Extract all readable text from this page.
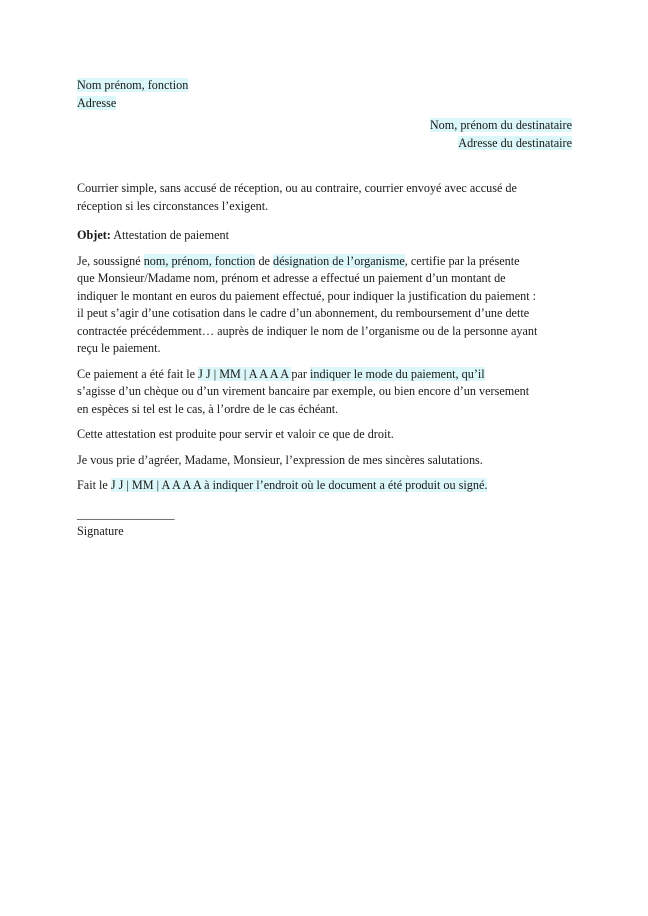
Nom prénom, fonction
Adresse
Nom, prénom du destinataire
Adresse du destinataire
Courrier simple, sans accusé de réception, ou au contraire, courrier envoyé avec accusé de
réception si les circonstances l’exigent.
Objet: Attestation de paiement
Je, soussigné nom, prénom, fonction de désignation de l’organisme, certifie par la présente
que Monsieur/Madame nom, prénom et adresse a effectué un paiement d’un montant de
indiquer le montant en euros du paiement effectué, pour indiquer la justification du paiement :
il peut s’agir d’une cotisation dans le cadre d’un abonnement, du remboursement d’une dette
contractée précédemment… auprès de indiquer le nom de l’organisme ou de la personne ayant
reçu le paiement.
Ce paiement a été fait le J J | MM | A A A A par indiquer le mode du paiement, qu’il
s’agisse d’un chèque ou d’un virement bancaire par exemple, ou bien encore d’un versement
en espèces si tel est le cas, à l’ordre de le cas échéant.
Cette attestation est produite pour servir et valoir ce que de droit.
Je vous prie d’agréer, Madame, Monsieur, l’expression de mes sincères salutations.
Fait le J J | MM | A A A A à indiquer l’endroit où le document a été produit ou signé.
________________
Signature
